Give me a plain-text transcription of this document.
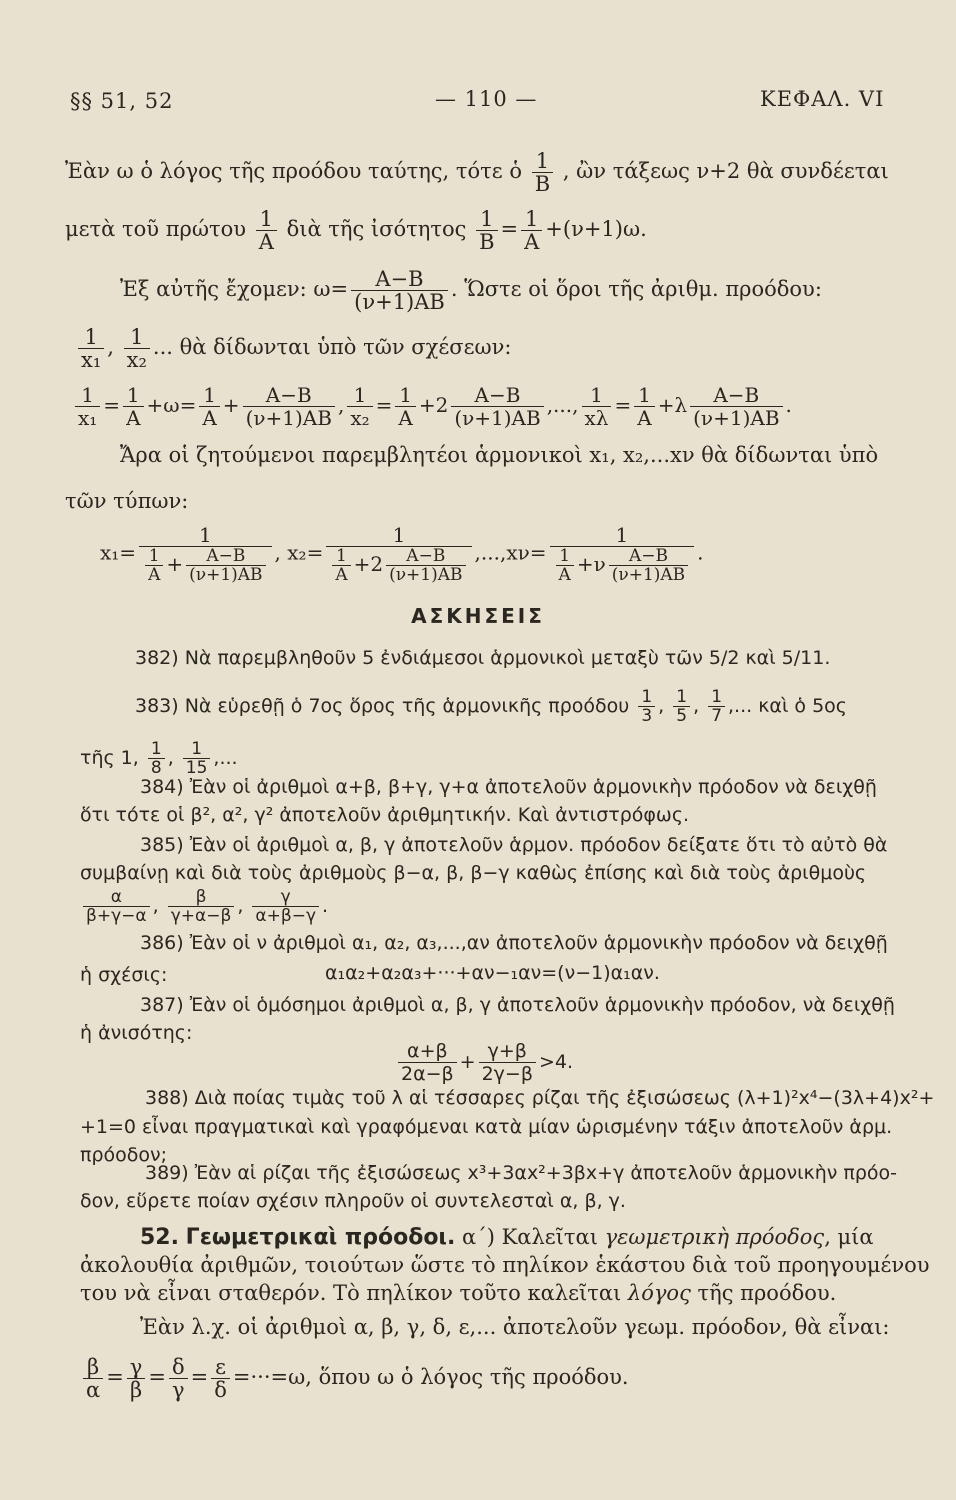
§§ 51, 52	— 110 —	ΚΕΦΑΛ. VI
Ἐὰν ω ὁ λόγος τῆς προόδου ταύτης, τότε ὁ $\frac{1}{B}$ , ὢν τάξεως ν+2 θὰ συνδέεται
μετὰ τοῦ πρώτου $\frac{1}{A}$ διὰ τῆς ἰσότητος $\frac{1}{B} = \frac{1}{A} +(\nu+1)\omega$.
Ἐξ αὐτῆς ἔχομεν: $\omega= \frac{A-B}{(\nu+1)AB}$ . Ὥστε οἱ ὅροι τῆς ἀριθμ. προόδου:
$\frac{1}{\text{x₁}}$ , $\frac{1}{\text{x₂}}$ ... θὰ δίδωνται ὑπὸ τῶν σχέσεων:
$\frac{1}{\text{x₁}} = \frac{1}{A} +\omega= \frac{1}{A} + \frac{A-B}{(\nu+1)AB}$ , $\frac{1}{\text{x₂}} = \frac{1}{A} +2 \frac{A-B}{(\nu+1)AB}$ ,..., $\frac{1}{x\lambda} = \frac{1}{A} +\lambda \frac{A-B}{(\nu+1)AB}$ .
Ἄρα οἱ ζητούμενοι παρεμβλητέοι ἁρμονικοὶ x₁, x₂,...xν θὰ δίδωνται ὑπὸ
τῶν τύπων:
$x_1= \frac{1}{\frac{1}{A} + \frac{A-B}{(\nu+1)AB}}$ , $x_2= \frac{1}{\frac{1}{A} +2 \frac{A-B}{(\nu+1)AB}} ,...,x\nu= \frac{1}{\frac{1}{A} +\nu \frac{A-B}{(\nu+1)AB}}$ .
ΑΣΚΗΣΕΙΣ
382) Νὰ παρεμβληθοῦν 5 ἐνδιάμεσοι ἁρμονικοὶ μεταξὺ τῶν 5/2 καὶ 5/11.
383) Νὰ εὑρεθῇ ὁ 7ος ὅρος τῆς ἁρμονικῆς προόδου $\frac{1}{3}$ , $\frac{1}{5}$ , $\frac{1}{7}$ ,... καὶ ὁ 5ος
τῆς 1, $\frac{1}{8}$ , $\frac{1}{15}$ ,...
384) Ἐὰν οἱ ἀριθμοὶ α+β, β+γ, γ+α ἀποτελοῦν ἁρμονικὴν πρόοδον νὰ δειχθῇ
ὅτι τότε οἱ β², α², γ² ἀποτελοῦν ἀριθμητικήν. Καὶ ἀντιστρόφως.
385) Ἐὰν οἱ ἀριθμοὶ α, β, γ ἀποτελοῦν ἁρμον. πρόοδον δείξατε ὅτι τὸ αὐτὸ θὰ
συμβαίνῃ καὶ διὰ τοὺς ἀριθμοὺς β−α, β, β−γ καθὼς ἐπίσης καὶ διὰ τοὺς ἀριθμοὺς
$\frac{\alpha}{\beta+\gamma-\alpha}$ , $\frac{\beta}{\gamma+\alpha-\beta}$ , $\frac{\gamma}{\alpha+\beta-\gamma}$ .
386) Ἐὰν οἱ ν ἀριθμοὶ α₁, α₂, α₃,...,αν ἀποτελοῦν ἁρμονικὴν πρόοδον νὰ δειχθῇ
ἡ σχέσις:	α₁α₂+α₂α₃+···+αν−₁αν=(ν−1)α₁αν.
387) Ἐὰν οἱ ὁμόσημοι ἀριθμοὶ α, β, γ ἀποτελοῦν ἁρμονικὴν πρόοδον, νὰ δειχθῇ
ἡ ἀνισότης:
$\frac{\alpha+\beta}{2\alpha-\beta} + \frac{\gamma+\beta}{2\gamma-\beta} >4$.
388) Διὰ ποίας τιμὰς τοῦ λ αἱ τέσσαρες ρίζαι τῆς ἐξισώσεως (λ+1)²x⁴−(3λ+4)x²+
+1=0 εἶναι πραγματικαὶ καὶ γραφόμεναι κατὰ μίαν ὡρισμένην τάξιν ἀποτελοῦν ἁρμ.
πρόοδον;
389) Ἐὰν αἱ ρίζαι τῆς ἐξισώσεως x³+3αx²+3βx+γ ἀποτελοῦν ἁρμονικὴν πρόο-
δον, εὕρετε ποίαν σχέσιν πληροῦν οἱ συντελεσταὶ α, β, γ.
52. Γεωμετρικαὶ πρόοδοι. α΄) Καλεῖται γεωμετρικὴ πρόοδος, μία
ἀκολουθία ἀριθμῶν, τοιούτων ὥστε τὸ πηλίκον ἑκάστου διὰ τοῦ προηγουμένου
του νὰ εἶναι σταθερόν. Τὸ πηλίκον τοῦτο καλεῖται λόγος τῆς προόδου.
Ἐὰν λ.χ. οἱ ἀριθμοὶ α, β, γ, δ, ε,... ἀποτελοῦν γεωμ. πρόοδον, θὰ εἶναι:
$\frac{\beta}{\alpha} = \frac{\gamma}{\beta} = \frac{\delta}{\gamma} = \frac{\varepsilon}{\delta} =\cdot\cdot\cdot=\omega$, ὅπου ω ὁ λόγος τῆς προόδου.
